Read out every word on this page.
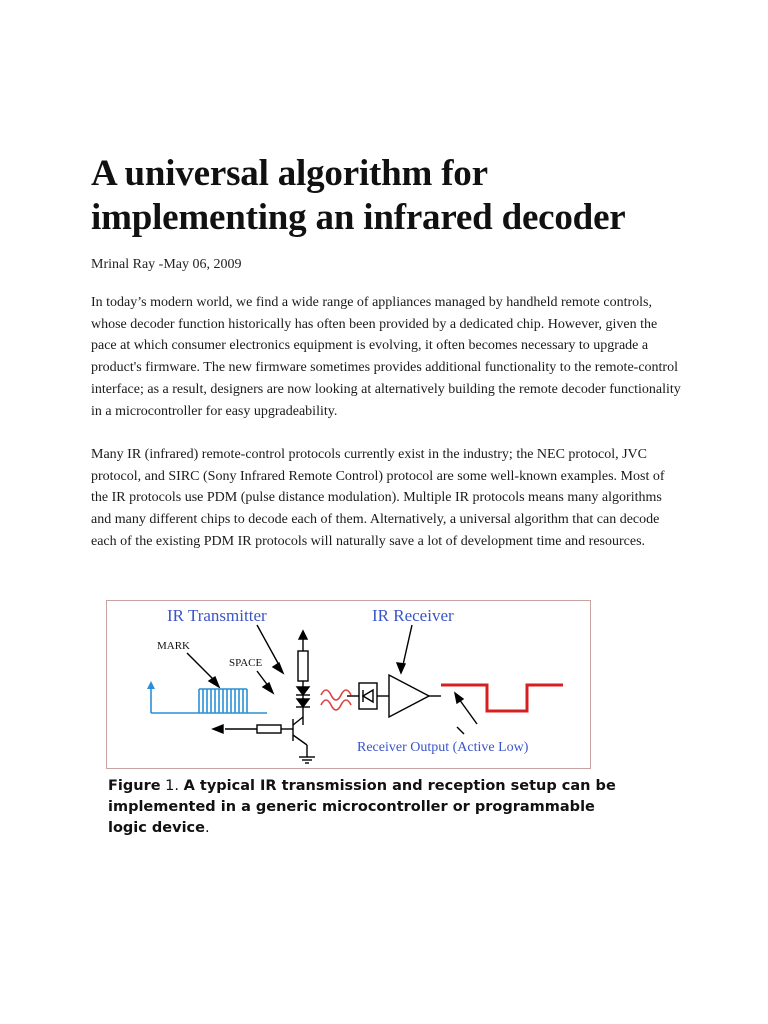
A universal algorithm for implementing an infrared decoder

Mrinal Ray -May 06, 2009

In today’s modern world, we find a wide range of appliances managed by handheld remote controls, whose decoder function historically has often been provided by a dedicated chip. However, given the pace at which consumer electronics equipment is evolving, it often becomes necessary to upgrade a product's firmware. The new firmware sometimes provides additional functionality to the remote-control interface; as a result, designers are now looking at alternatively building the remote decoder functionality in a microcontroller for easy upgradeability.

Many IR (infrared) remote-control protocols currently exist in the industry; the NEC protocol, JVC protocol, and SIRC (Sony Infrared Remote Control) protocol are some well-known examples. Most of the IR protocols use PDM (pulse distance modulation). Multiple IR protocols means many algorithms and many different chips to decode each of them. Alternatively, a universal algorithm that can decode each of the existing PDM IR protocols will naturally save a lot of development time and resources.

IR Transmitter	IR Receiver
MARK
SPACE
Receiver Output (Active Low)

Figure 1. A typical IR transmission and reception setup can be implemented in a generic microcontroller or programmable logic device.
